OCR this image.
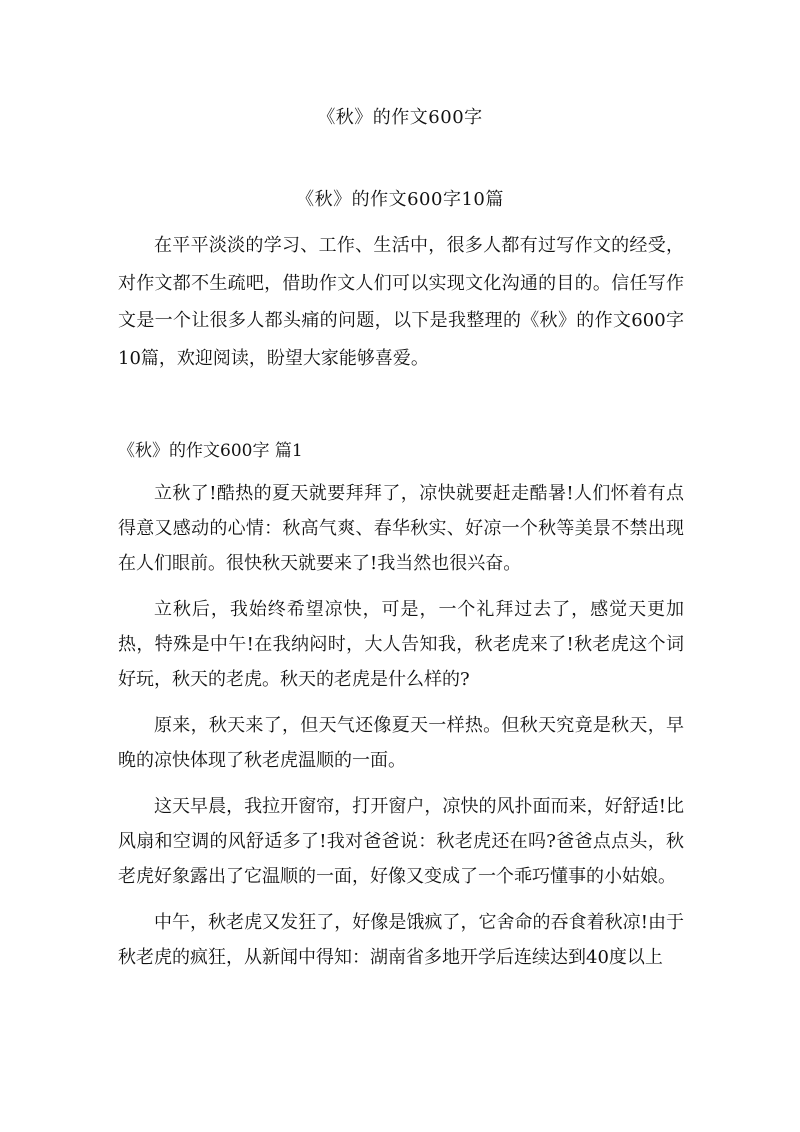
《秋》的作文600字
《秋》的作文600字10篇

在平平淡淡的学习、工作、生活中，很多人都有过写作文的经受，对作文都不生疏吧，借助作文人们可以实现文化沟通的目的。信任写作文是一个让很多人都头痛的问题，以下是我整理的《秋》的作文600字10篇，欢迎阅读，盼望大家能够喜爱。

《秋》的作文600字 篇1

立秋了!酷热的夏天就要拜拜了，凉快就要赶走酷暑!人们怀着有点得意又感动的心情：秋高气爽、春华秋实、好凉一个秋等美景不禁出现在人们眼前。很快秋天就要来了!我当然也很兴奋。

立秋后，我始终希望凉快，可是，一个礼拜过去了，感觉天更加热，特殊是中午!在我纳闷时，大人告知我，秋老虎来了!秋老虎这个词好玩，秋天的老虎。秋天的老虎是什么样的?

原来，秋天来了，但天气还像夏天一样热。但秋天究竟是秋天，早晚的凉快体现了秋老虎温顺的一面。

这天早晨，我拉开窗帘，打开窗户，凉快的风扑面而来，好舒适!比风扇和空调的风舒适多了!我对爸爸说：秋老虎还在吗?爸爸点点头，秋老虎好象露出了它温顺的一面，好像又变成了一个乖巧懂事的小姑娘。

中午，秋老虎又发狂了，好像是饿疯了，它舍命的吞食着秋凉!由于秋老虎的疯狂，从新闻中得知：湖南省多地开学后连续达到40度以上
